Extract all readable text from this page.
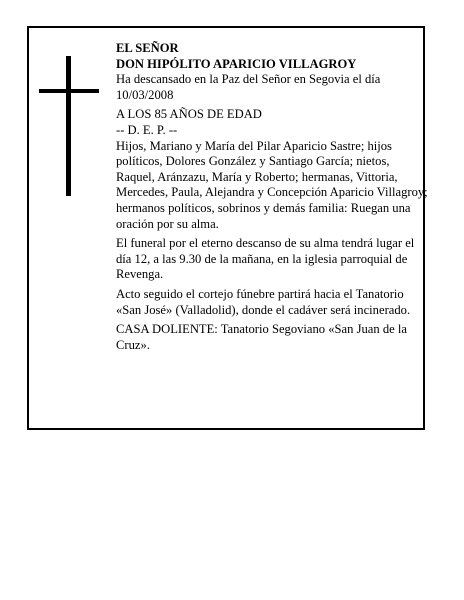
EL SEÑOR

DON HIPÓLITO APARICIO VILLAGROY

Ha descansado en la Paz del Señor en Segovia el día 10/03/2008

A LOS 85 AÑOS DE EDAD

-- D. E. P. --

Hijos, Mariano y María del Pilar Aparicio Sastre; hijos políticos, Dolores González y Santiago García; nietos, Raquel, Aránzazu, María y Roberto; hermanas, Vittoria, Mercedes, Paula, Alejandra y Concepción Aparicio Villagroy; hermanos políticos, sobrinos y demás familia: Ruegan una oración por su alma.

El funeral por el eterno descanso de su alma tendrá lugar el día 12, a las 9.30 de la mañana, en la iglesia parroquial de Revenga.

Acto seguido el cortejo fúnebre partirá hacia el Tanatorio «San José» (Valladolid), donde el cadáver será incinerado.

CASA DOLIENTE: Tanatorio Segoviano «San Juan de la Cruz».
